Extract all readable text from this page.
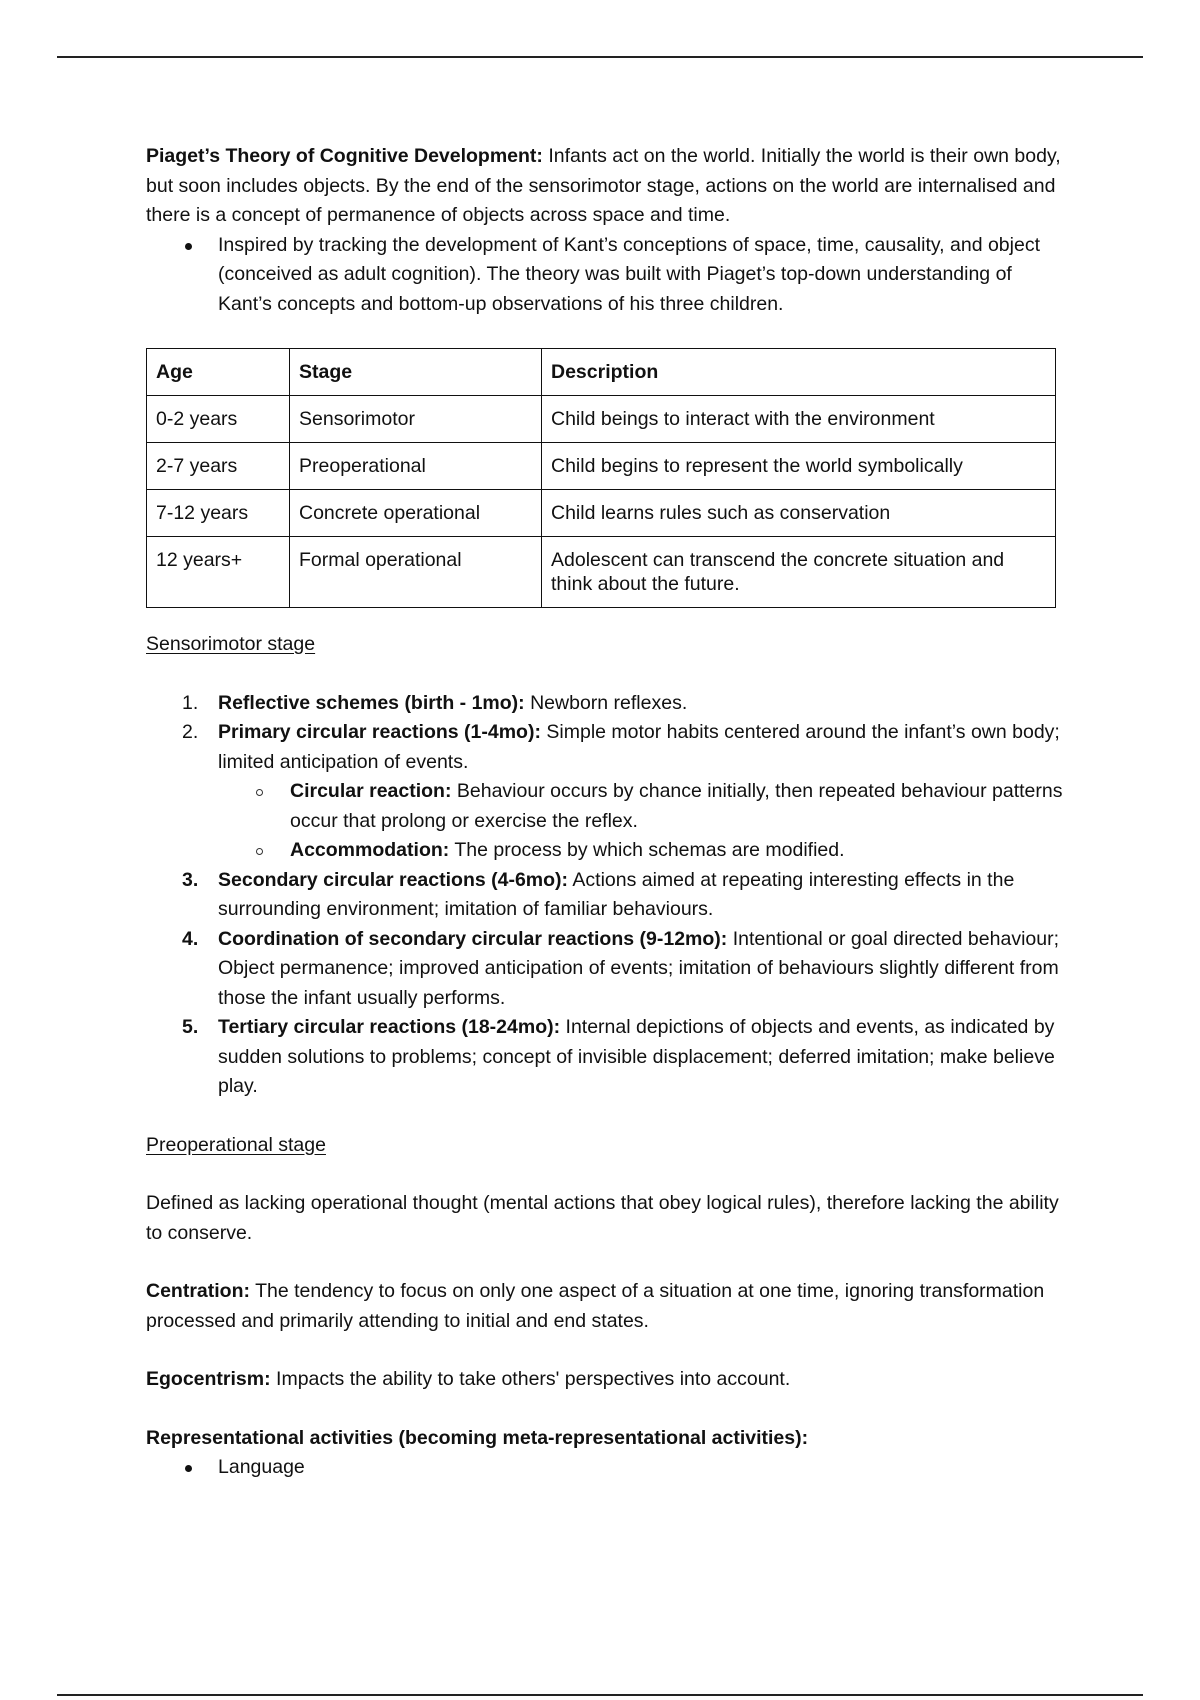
Piaget’s Theory of Cognitive Development: Infants act on the world. Initially the world is their own body, but soon includes objects. By the end of the sensorimotor stage, actions on the world are internalised and there is a concept of permanence of objects across space and time.

Inspired by tracking the development of Kant’s conceptions of space, time, causality, and object (conceived as adult cognition). The theory was built with Piaget’s top-down understanding of Kant’s concepts and bottom-up observations of his three children.
Age	Stage	Description
0-2 years	Sensorimotor	Child beings to interact with the environment
2-7 years	Preoperational	Child begins to represent the world symbolically
7-12 years	Concrete operational	Child learns rules such as conservation
12 years+	Formal operational	Adolescent can transcend the concrete situation and think about the future.

Sensorimotor stage

1. Reflective schemes (birth - 1mo): Newborn reflexes.
2. Primary circular reactions (1-4mo): Simple motor habits centered around the infant’s own body; limited anticipation of events.
Circular reaction: Behaviour occurs by chance initially, then repeated behaviour patterns occur that prolong or exercise the reflex.
Accommodation: The process by which schemas are modified.
3. Secondary circular reactions (4-6mo): Actions aimed at repeating interesting effects in the surrounding environment; imitation of familiar behaviours.
4. Coordination of secondary circular reactions (9-12mo): Intentional or goal directed behaviour; Object permanence; improved anticipation of events; imitation of behaviours slightly different from those the infant usually performs.
5. Tertiary circular reactions (18-24mo): Internal depictions of objects and events, as indicated by sudden solutions to problems; concept of invisible displacement; deferred imitation; make believe play.

Preoperational stage

Defined as lacking operational thought (mental actions that obey logical rules), therefore lacking the ability to conserve.

Centration: The tendency to focus on only one aspect of a situation at one time, ignoring transformation processed and primarily attending to initial and end states.

Egocentrism: Impacts the ability to take others' perspectives into account.

Representational activities (becoming meta-representational activities):

Language
